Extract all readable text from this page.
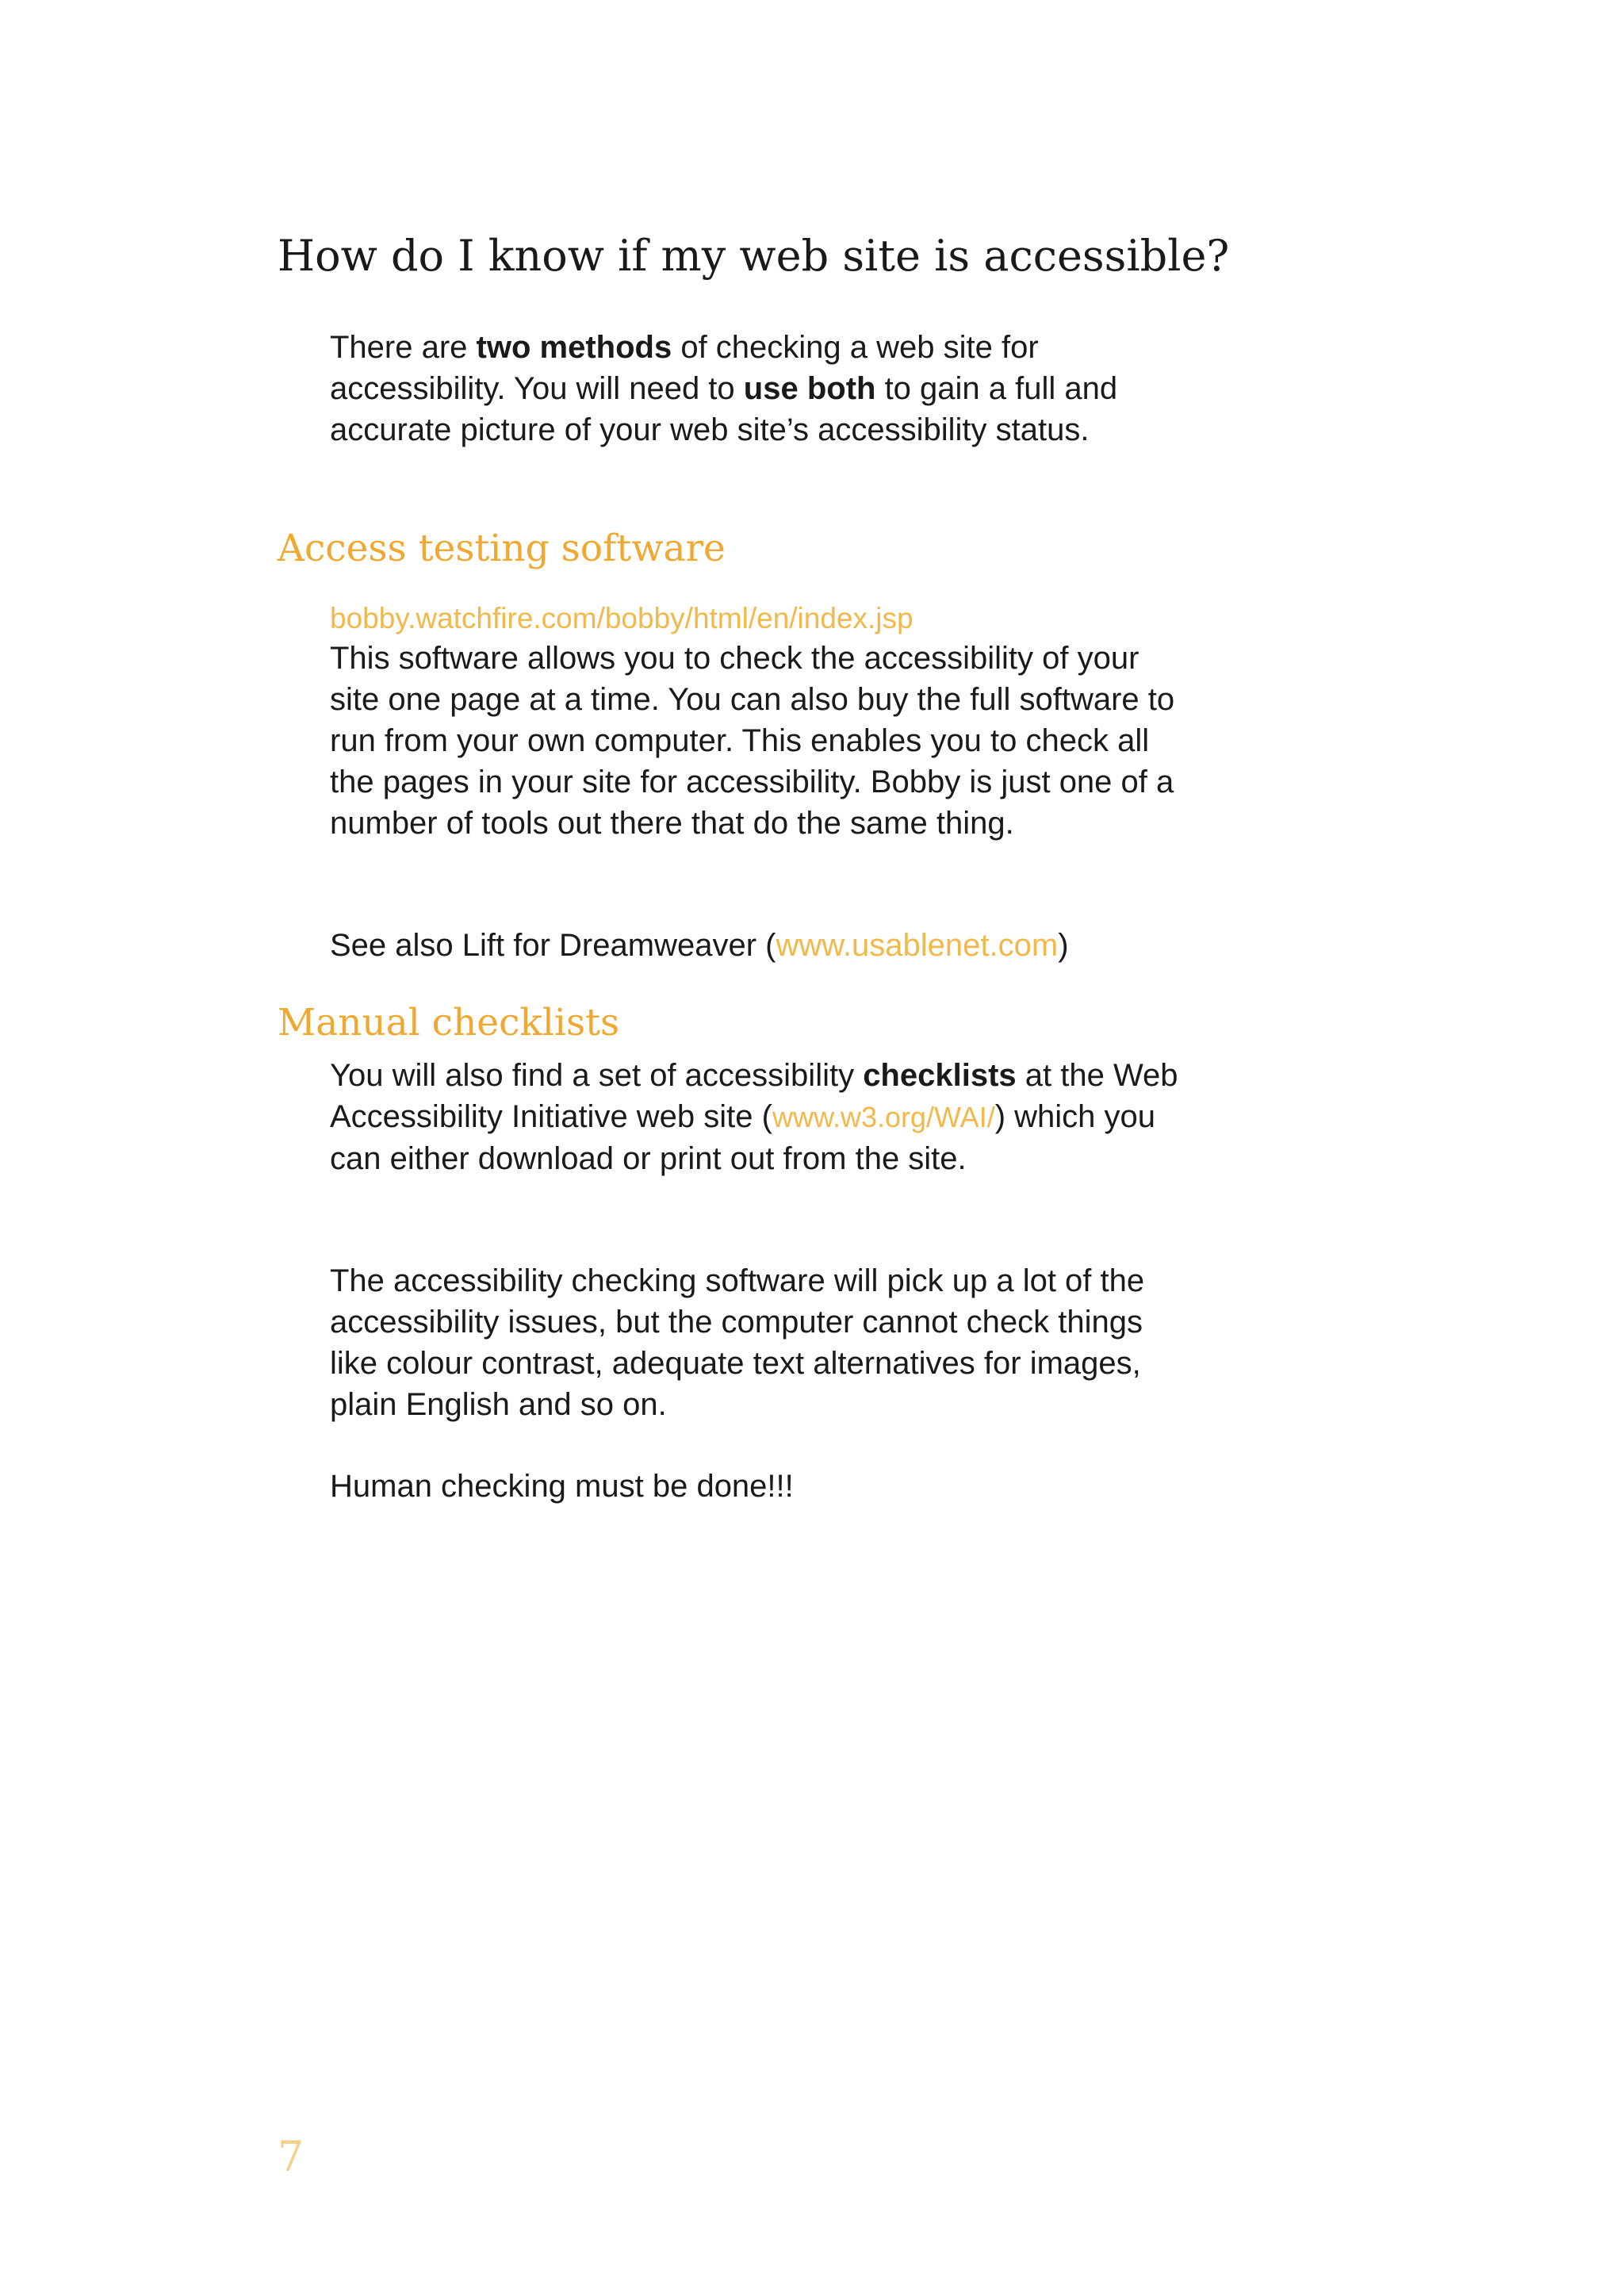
How do I know if my web site is accessible?

There are two methods of checking a web site for accessibility. You will need to use both to gain a full and accurate picture of your web site’s accessibility status.

Access testing software

bobby.watchfire.com/bobby/html/en/index.jsp

This software allows you to check the accessibility of your site one page at a time. You can also buy the full software to run from your own computer. This enables you to check all the pages in your site for accessibility. Bobby is just one of a number of tools out there that do the same thing.

See also Lift for Dreamweaver (www.usablenet.com)

Manual checklists

You will also find a set of accessibility checklists at the Web Accessibility Initiative web site (www.w3.org/WAI/) which you can either download or print out from the site.

The accessibility checking software will pick up a lot of the accessibility issues, but the computer cannot check things like colour contrast, adequate text alternatives for images, plain English and so on.

Human checking must be done!!!

7
